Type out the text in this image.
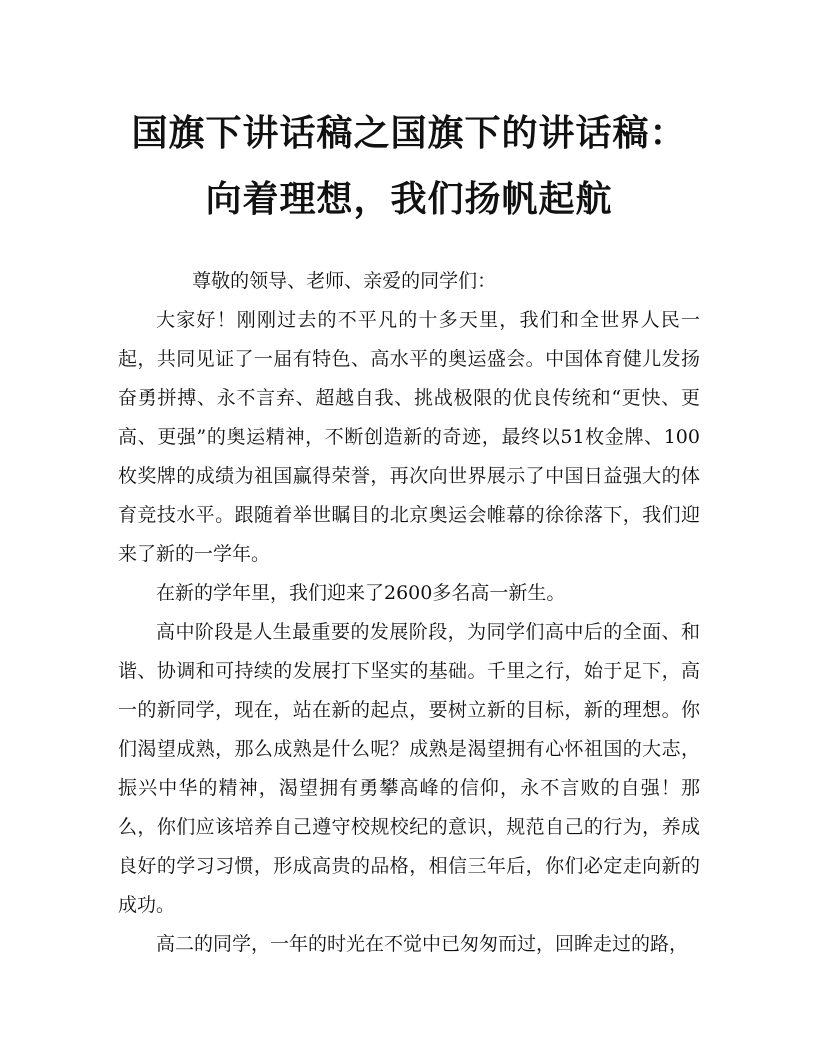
国旗下讲话稿之国旗下的讲话稿：向着理想，我们扬帆起航

尊敬的领导、老师、亲爱的同学们：

大家好！刚刚过去的不平凡的十多天里，我们和全世界人民一起，共同见证了一届有特色、高水平的奥运盛会。中国体育健儿发扬奋勇拼搏、永不言弃、超越自我、挑战极限的优良传统和“更快、更高、更强”的奥运精神，不断创造新的奇迹，最终以51枚金牌、100枚奖牌的成绩为祖国赢得荣誉，再次向世界展示了中国日益强大的体育竞技水平。跟随着举世瞩目的北京奥运会帷幕的徐徐落下，我们迎来了新的一学年。

在新的学年里，我们迎来了2600多名高一新生。

高中阶段是人生最重要的发展阶段，为同学们高中后的全面、和谐、协调和可持续的发展打下坚实的基础。千里之行，始于足下，高一的新同学，现在，站在新的起点，要树立新的目标，新的理想。你们渴望成熟，那么成熟是什么呢？成熟是渴望拥有心怀祖国的大志，振兴中华的精神，渴望拥有勇攀高峰的信仰，永不言败的自强！那么，你们应该培养自己遵守校规校纪的意识，规范自己的行为，养成良好的学习习惯，形成高贵的品格，相信三年后，你们必定走向新的成功。

高二的同学，一年的时光在不觉中已匆匆而过，回眸走过的路，
